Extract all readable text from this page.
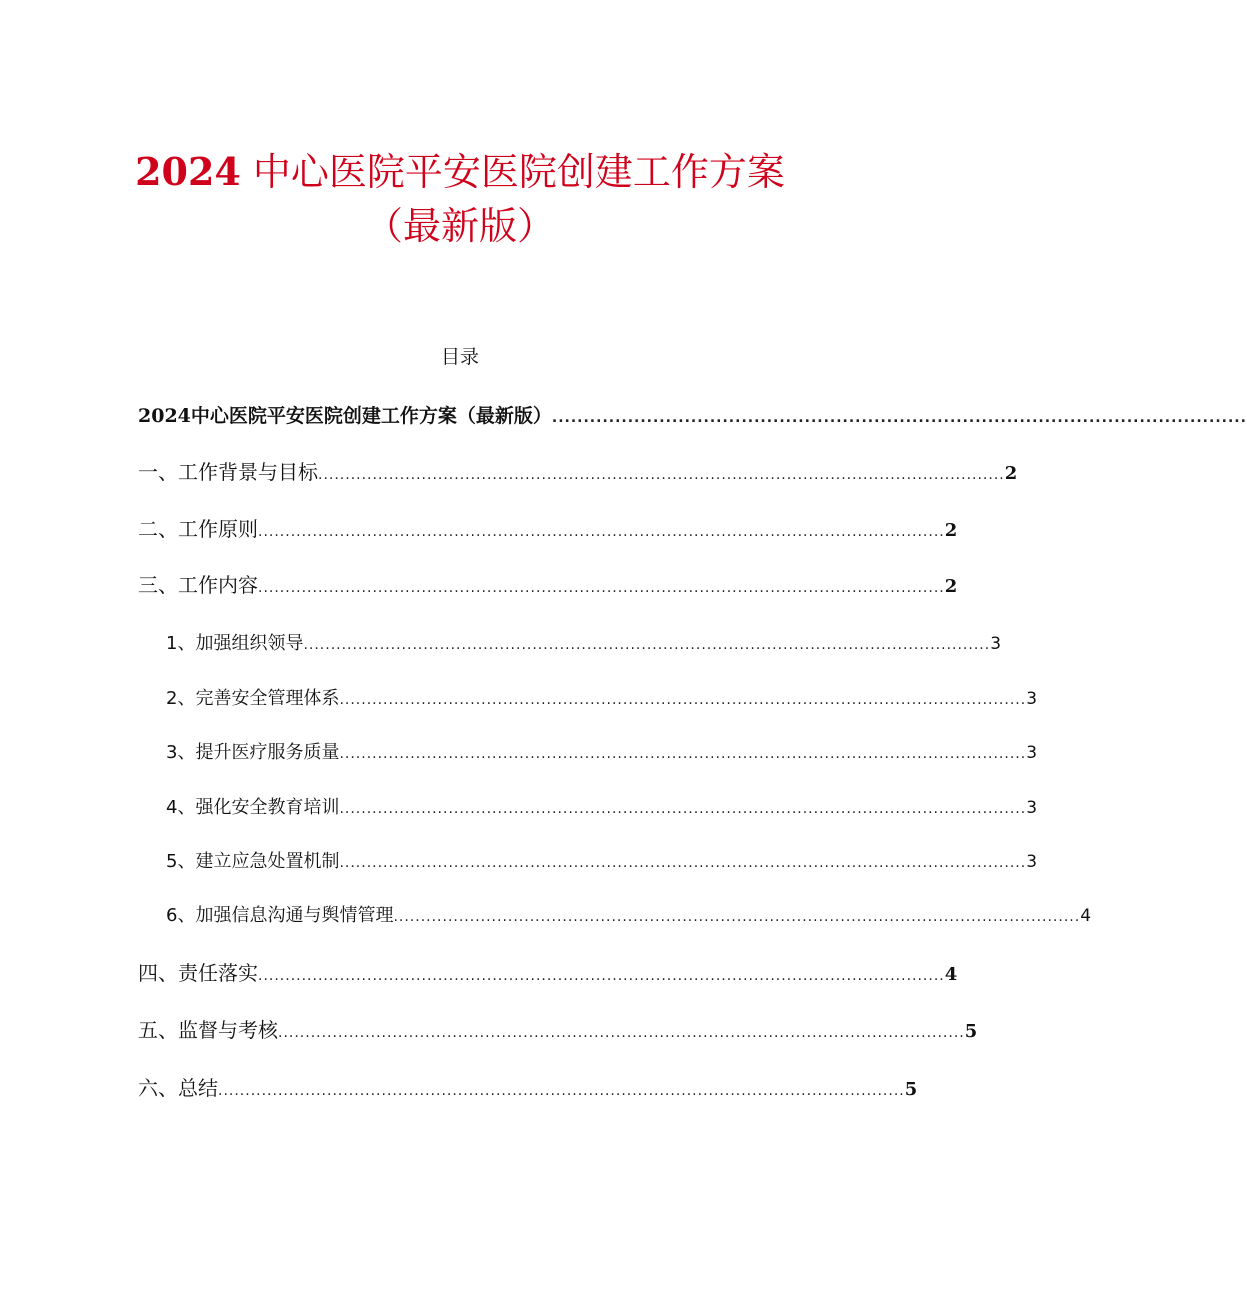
2024 中心医院平安医院创建工作方案
（最新版）
目录
2024中心医院平安医院创建工作方案（最新版） ..............................................................................................................
一、工作背景与目标 .............................................................................................................................. 2
二、工作原则 .............................................................................................................................. 2
三、工作内容 .............................................................................................................................. 2
1、加强组织领导 .............................................................................................................................. 3
2、完善安全管理体系 .............................................................................................................................. 3
3、提升医疗服务质量 .............................................................................................................................. 3
4、强化安全教育培训 .............................................................................................................................. 3
5、建立应急处置机制 .............................................................................................................................. 3
6、加强信息沟通与舆情管理 .............................................................................................................................. 4
四、责任落实 .............................................................................................................................. 4
五、监督与考核 .............................................................................................................................. 5
六、总结 .............................................................................................................................. 5
